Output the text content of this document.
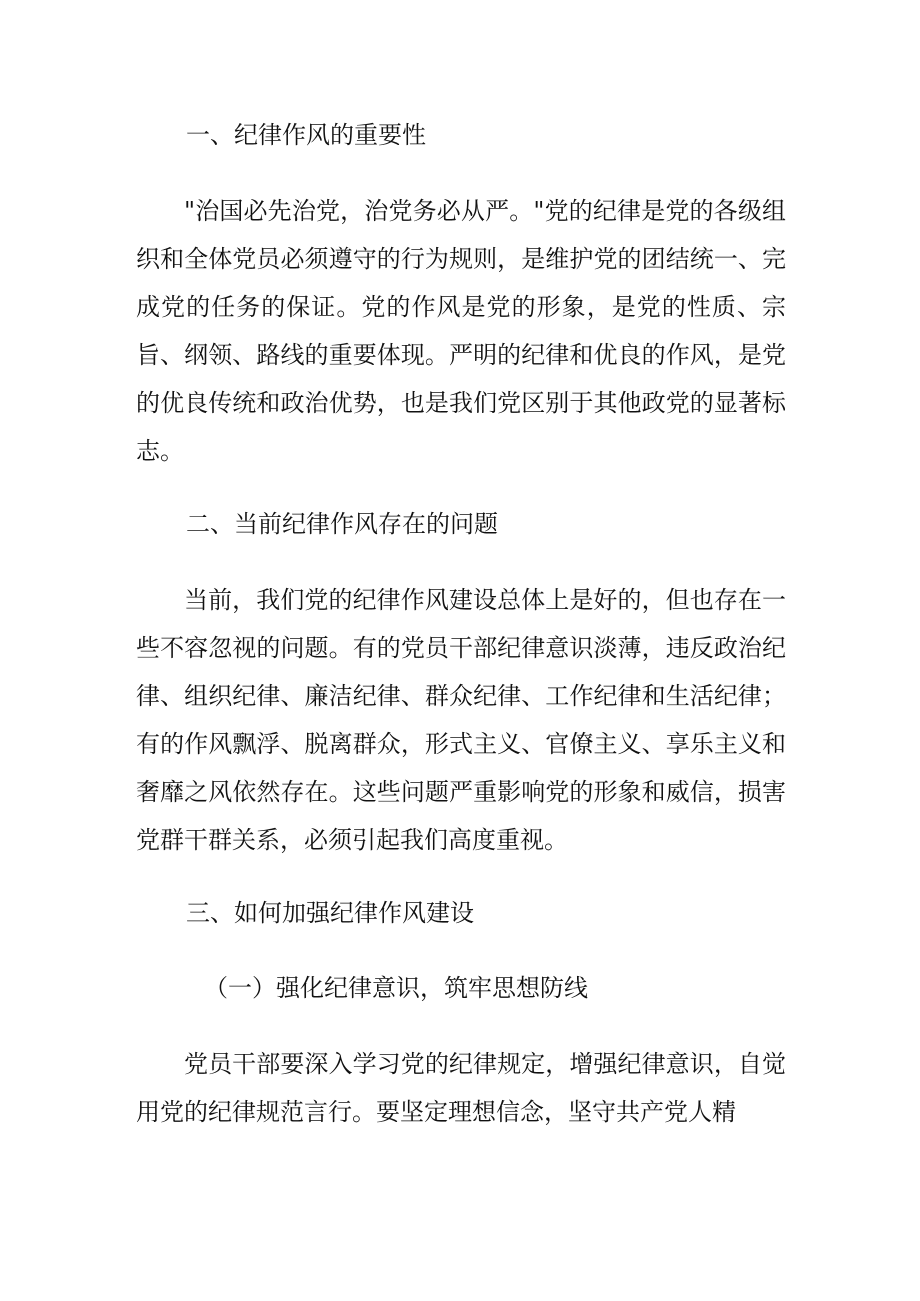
一、纪律作风的重要性

"治国必先治党，治党务必从严。"党的纪律是党的各级组织和全体党员必须遵守的行为规则，是维护党的团结统一、完成党的任务的保证。党的作风是党的形象，是党的性质、宗旨、纲领、路线的重要体现。严明的纪律和优良的作风，是党的优良传统和政治优势，也是我们党区别于其他政党的显著标志。

二、当前纪律作风存在的问题

当前，我们党的纪律作风建设总体上是好的，但也存在一些不容忽视的问题。有的党员干部纪律意识淡薄，违反政治纪律、组织纪律、廉洁纪律、群众纪律、工作纪律和生活纪律；有的作风飘浮、脱离群众，形式主义、官僚主义、享乐主义和奢靡之风依然存在。这些问题严重影响党的形象和威信，损害党群干群关系，必须引起我们高度重视。

三、如何加强纪律作风建设

（一）强化纪律意识，筑牢思想防线

党员干部要深入学习党的纪律规定，增强纪律意识，自觉用党的纪律规范言行。要坚定理想信念，坚守共产党人精
